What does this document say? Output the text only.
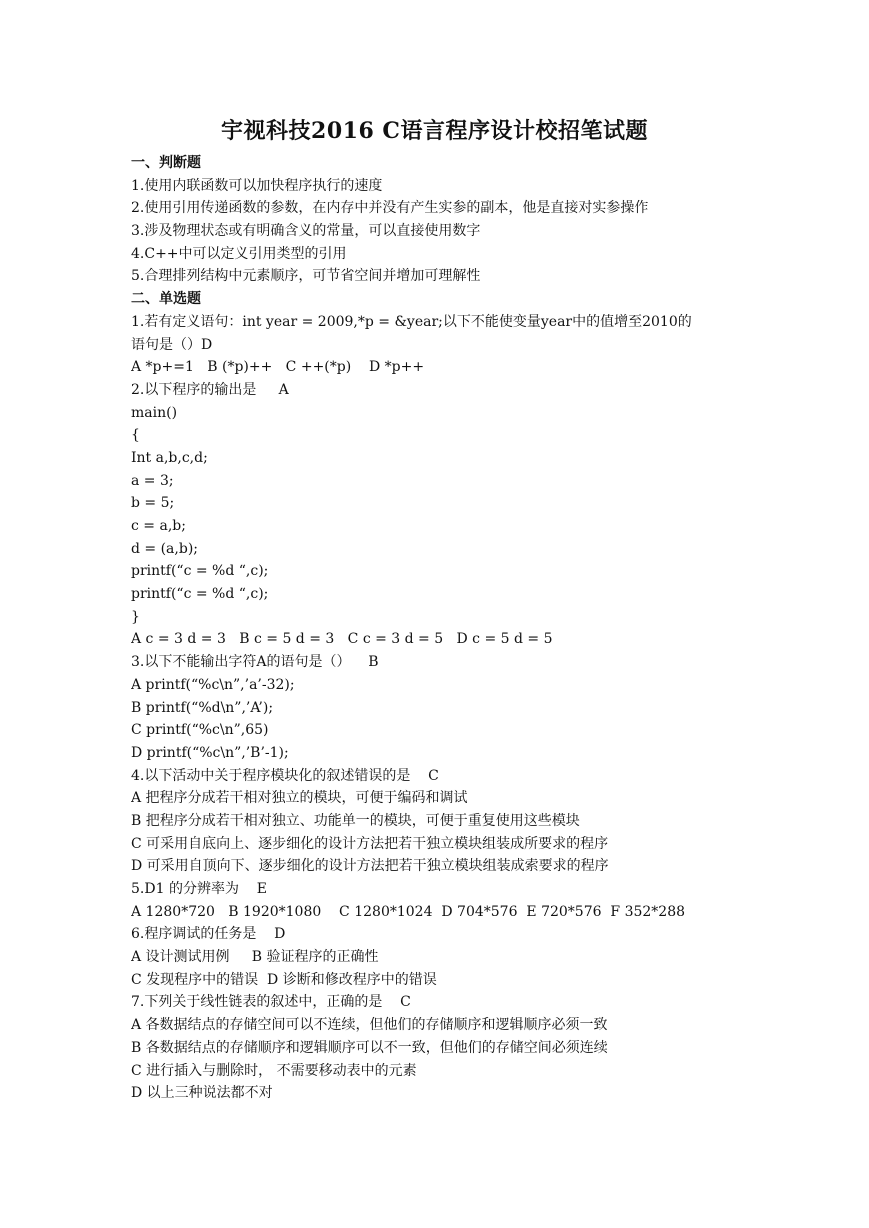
宇视科技2016 C语言程序设计校招笔试题
一、判断题
1.使用内联函数可以加快程序执行的速度
2.使用引用传递函数的参数，在内存中并没有产生实参的副本，他是直接对实参操作
3.涉及物理状态或有明确含义的常量，可以直接使用数字
4.C++中可以定义引用类型的引用
5.合理排列结构中元素顺序，可节省空间并增加可理解性
二、单选题
1.若有定义语句：int year = 2009,*p = &year;以下不能使变量year中的值增至2010的
语句是（）D
A *p+=1   B (*p)++   C ++(*p)    D *p++
2.以下程序的输出是     A
main()
{
Int a,b,c,d;
a = 3;
b = 5;
c = a,b;
d = (a,b);
printf(“c = %d “,c);
printf(“c = %d “,c);
}
A c = 3 d = 3   B c = 5 d = 3   C c = 3 d = 5   D c = 5 d = 5
3.以下不能输出字符A的语句是（）    B
A printf(“%c\n”,’a’-32);
B printf(“%d\n”,’A’);
C printf(“%c\n”,65)
D printf(“%c\n”,’B’-1);
4.以下活动中关于程序模块化的叙述错误的是    C
A 把程序分成若干相对独立的模块，可便于编码和调试
B 把程序分成若干相对独立、功能单一的模块，可便于重复使用这些模块
C 可采用自底向上、逐步细化的设计方法把若干独立模块组装成所要求的程序
D 可采用自顶向下、逐步细化的设计方法把若干独立模块组装成索要求的程序
5.D1 的分辨率为    E
A 1280*720   B 1920*1080    C 1280*1024  D 704*576  E 720*576  F 352*288
6.程序调试的任务是    D
A 设计测试用例     B 验证程序的正确性
C 发现程序中的错误  D 诊断和修改程序中的错误
7.下列关于线性链表的叙述中，正确的是    C
A 各数据结点的存储空间可以不连续，但他们的存储顺序和逻辑顺序必须一致
B 各数据结点的存储顺序和逻辑顺序可以不一致，但他们的存储空间必须连续
C 进行插入与删除时， 不需要移动表中的元素
D 以上三种说法都不对
